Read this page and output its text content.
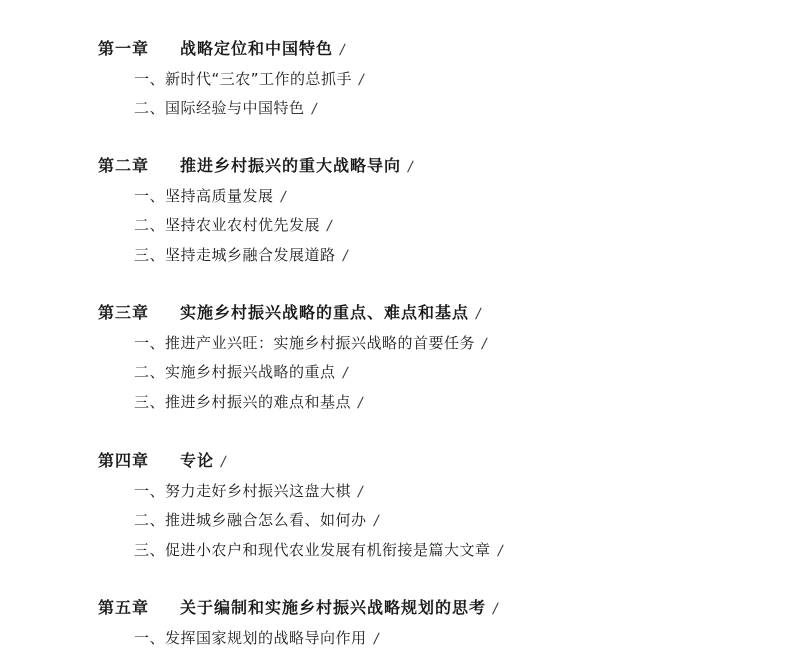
第一章 战略定位和中国特色 /
一、新时代“三农”工作的总抓手 /
二、国际经验与中国特色 /
第二章 推进乡村振兴的重大战略导向 /
一、坚持高质量发展 /
二、坚持农业农村优先发展 /
三、坚持走城乡融合发展道路 /
第三章 实施乡村振兴战略的重点、难点和基点 /
一、推进产业兴旺：实施乡村振兴战略的首要任务 /
二、实施乡村振兴战略的重点 /
三、推进乡村振兴的难点和基点 /
第四章 专论 /
一、努力走好乡村振兴这盘大棋 /
二、推进城乡融合怎么看、如何办 /
三、促进小农户和现代农业发展有机衔接是篇大文章 /
第五章 关于编制和实施乡村振兴战略规划的思考 /
一、发挥国家规划的战略导向作用 /
